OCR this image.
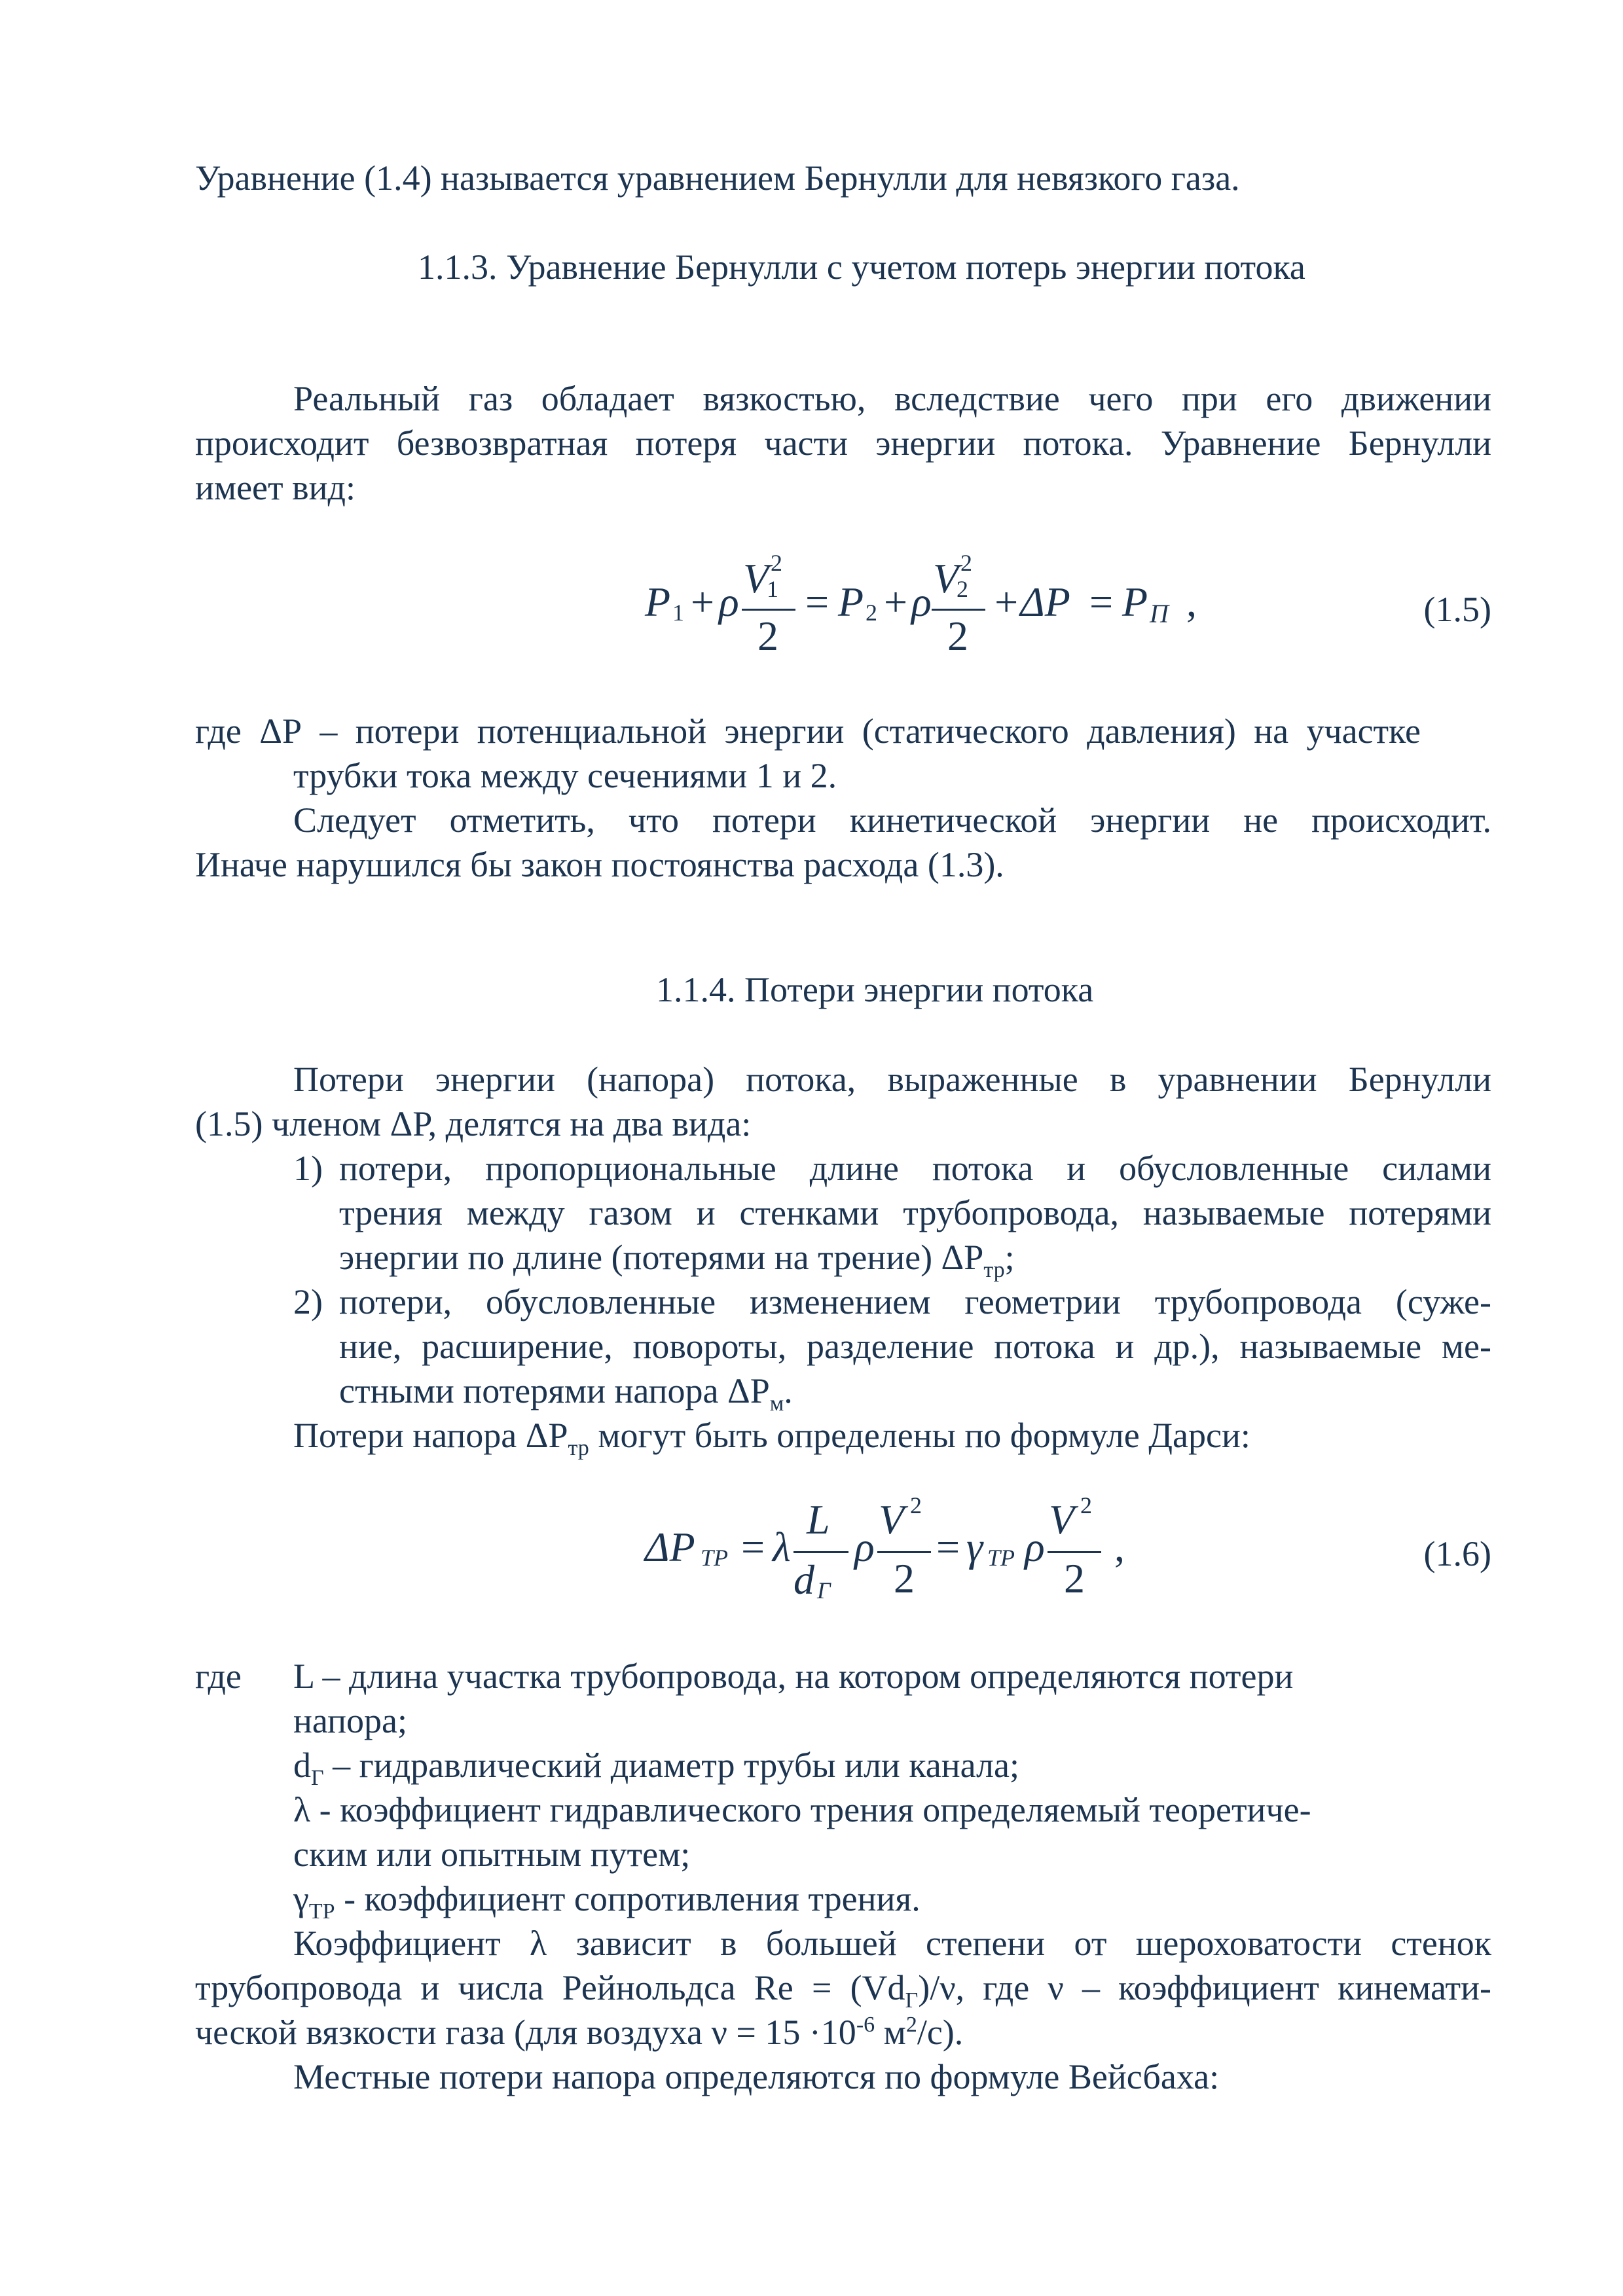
Уравнение (1.4) называется уравнением Бернулли для невязкого газа.
1.1.3. Уравнение Бернулли с учетом потерь энергии потока
Реальный газ обладает вязкостью, вследствие чего при его движении
происходит безвозвратная потеря части энергии потока. Уравнение Бернулли
имеет вид:
P 1 + ρ
V 2
1
2
= P 2 + ρ
V 2
2
2
+ΔP = P П ,	(1.5)
где ΔР – потери потенциальной энергии (статического давления) на участке
трубки тока между сечениями 1 и 2.
Следует отметить, что потери кинетической энергии не происходит.
Иначе нарушился бы закон постоянства расхода (1.3).
1.1.4. Потери энергии потока
Потери энергии (напора) потока, выраженные в уравнении Бернулли
(1.5) членом ΔР, делятся на два вида:
1) потери, пропорциональные длине потока и обусловленные силами
трения между газом и стенками трубопровода, называемые потерями
энергии по длине (потерями на трение) $\Delta Р_{тр}$;
2) потери, обусловленные изменением геометрии трубопровода (суже-
ние, расширение, повороты, разделение потока и др.), называемые ме-
стными потерями напора $\Delta Р_м$.
Потери напора $\Delta Р_{тр}$ могут быть определены по формуле Дарси:
ΔP ТР = λ
L
d Г
ρ
V 2
2
= γ ТР ρ
V 2
2
,	(1.6)
где L – длина участка трубопровода, на котором определяются потери
напора;
$d_Г$ – гидравлический диаметр трубы или канала;
λ - коэффициент гидравлического трения определяемый теоретиче-
ским или опытным путем;
$\gamma_{ТР}$ - коэффициент сопротивления трения.
Коэффициент λ зависит в большей степени от шероховатости стенок
трубопровода и числа Рейнольдса $Re = (Vd_Г)/\nu$, где ν – коэффициент кинемати-
ческой вязкости газа (для воздуха $\nu = 15 \cdot 10^{-6}$ $м^2/с$).
Местные потери напора определяются по формуле Вейсбаха:
